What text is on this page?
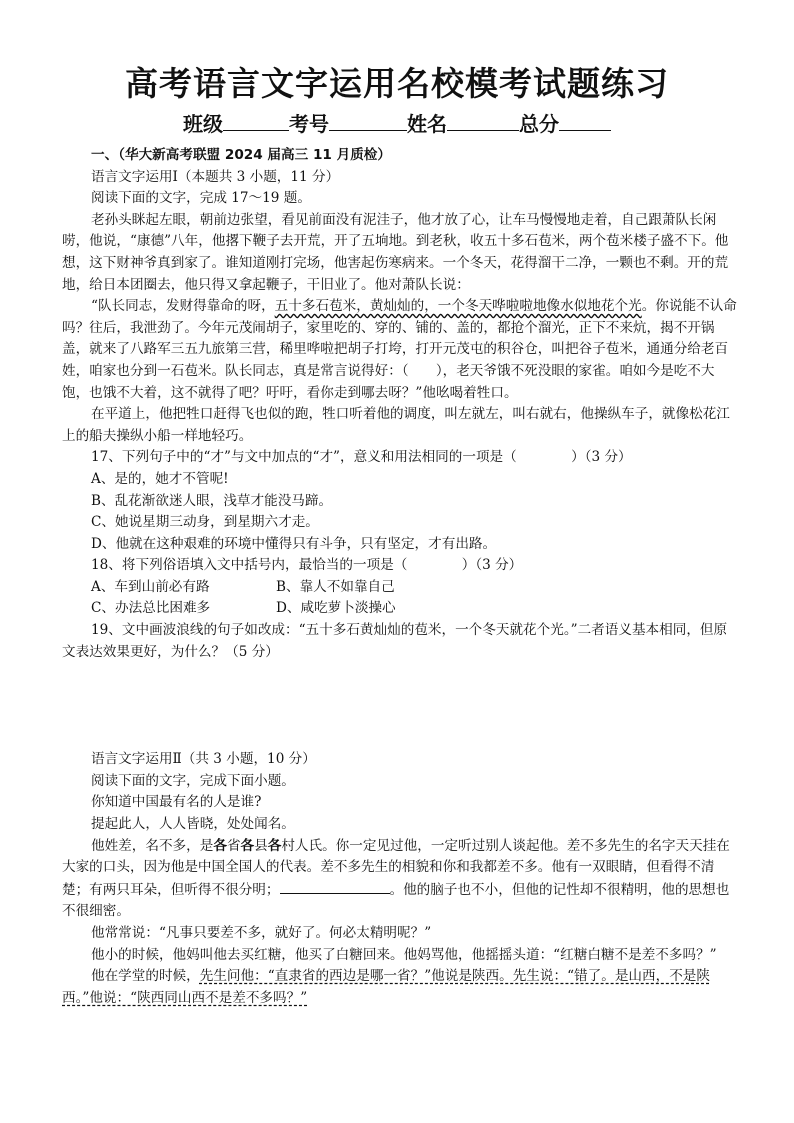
高考语言文字运用名校模考试题练习
班级	考号	姓名	总分

一、（华大新高考联盟 2024 届高三 11 月质检）

语言文字运用Ⅰ（本题共 3 小题，11 分）

阅读下面的文字，完成 17～19 题。

老孙头眯起左眼，朝前边张望，看见前面没有泥洼子，他才放了心，让车马慢慢地走着，自己跟萧队长闲唠，他说，“康德”八年，他撂下鞭子去开荒，开了五垧地。到老秋，收五十多石苞米，两个苞米楼子盛不下。他想，这下财神爷真到家了。谁知道刚打完场，他害起伤寒病来。一个冬天，花得溜干二净，一颗也不剩。开的荒地，给日本团圈去，他只得又拿起鞭子，干旧业了。他对萧队长说：

“队长同志，发财得靠命的呀，五十多石苞米，黄灿灿的，一个冬天哗啦啦地像水似地花个光。你说能不认命吗？往后，我泄劲了。今年元茂闹胡子，家里吃的、穿的、铺的、盖的，都抢个溜光，正下不来炕，揭不开锅盖，就来了八路军三五九旅第三营，稀里哗啦把胡子打垮，打开元茂屯的积谷仓，叫把谷子苞米，通通分给老百姓，咱家也分到一石苞米。队长同志，真是常言说得好：（　　），老天爷饿不死没眼的家雀。咱如今是吃不大饱，也饿不大着，这不就得了吧？吁吁，看你走到哪去呀？”他吆喝着牲口。

在平道上，他把牲口赶得飞也似的跑，牲口听着他的调度，叫左就左，叫右就右，他操纵车子，就像松花江上的船夫操纵小船一样地轻巧。

17、下列句子中的“才”与文中加点的“才”，意义和用法相同的一项是（　　　　）（3 分）

A、是的，她才不管呢!

B、乱花渐欲迷人眼，浅草才能没马蹄。

C、她说星期三动身，到星期六才走。

D、他就在这种艰难的环境中懂得只有斗争，只有坚定，才有出路。

18、将下列俗语填入文中括号内，最恰当的一项是（　　　　）（3 分）

A、车到山前必有路	B、靠人不如靠自己

C、办法总比困难多	D、咸吃萝卜淡操心

19、文中画波浪线的句子如改成：“五十多石黄灿灿的苞米，一个冬天就花个光。”二者语义基本相同，但原文表达效果更好，为什么？（5 分）

语言文字运用Ⅱ（共 3 小题，10 分）

阅读下面的文字，完成下面小题。

你知道中国最有名的人是谁?

提起此人，人人皆晓，处处闻名。

他姓差，名不多，是各省各县各村人氏。你一定见过他，一定听过别人谈起他。差不多先生的名字天天挂在大家的口头，因为他是中国全国人的代表。差不多先生的相貌和你和我都差不多。他有一双眼睛，但看得不清楚；有两只耳朵，但听得不很分明；	。他的脑子也不小，但他的记性却不很精明，他的思想也不很细密。

他常常说：“凡事只要差不多，就好了。何必太精明呢？”

他小的时候，他妈叫他去买红糖，他买了白糖回来。他妈骂他，他摇摇头道：“红糖白糖不是差不多吗？”

他在学堂的时候，先生问他：“直隶省的西边是哪一省？”他说是陕西。先生说：“错了。是山西，不是陕西。”他说：“陕西同山西不是差不多吗？”
